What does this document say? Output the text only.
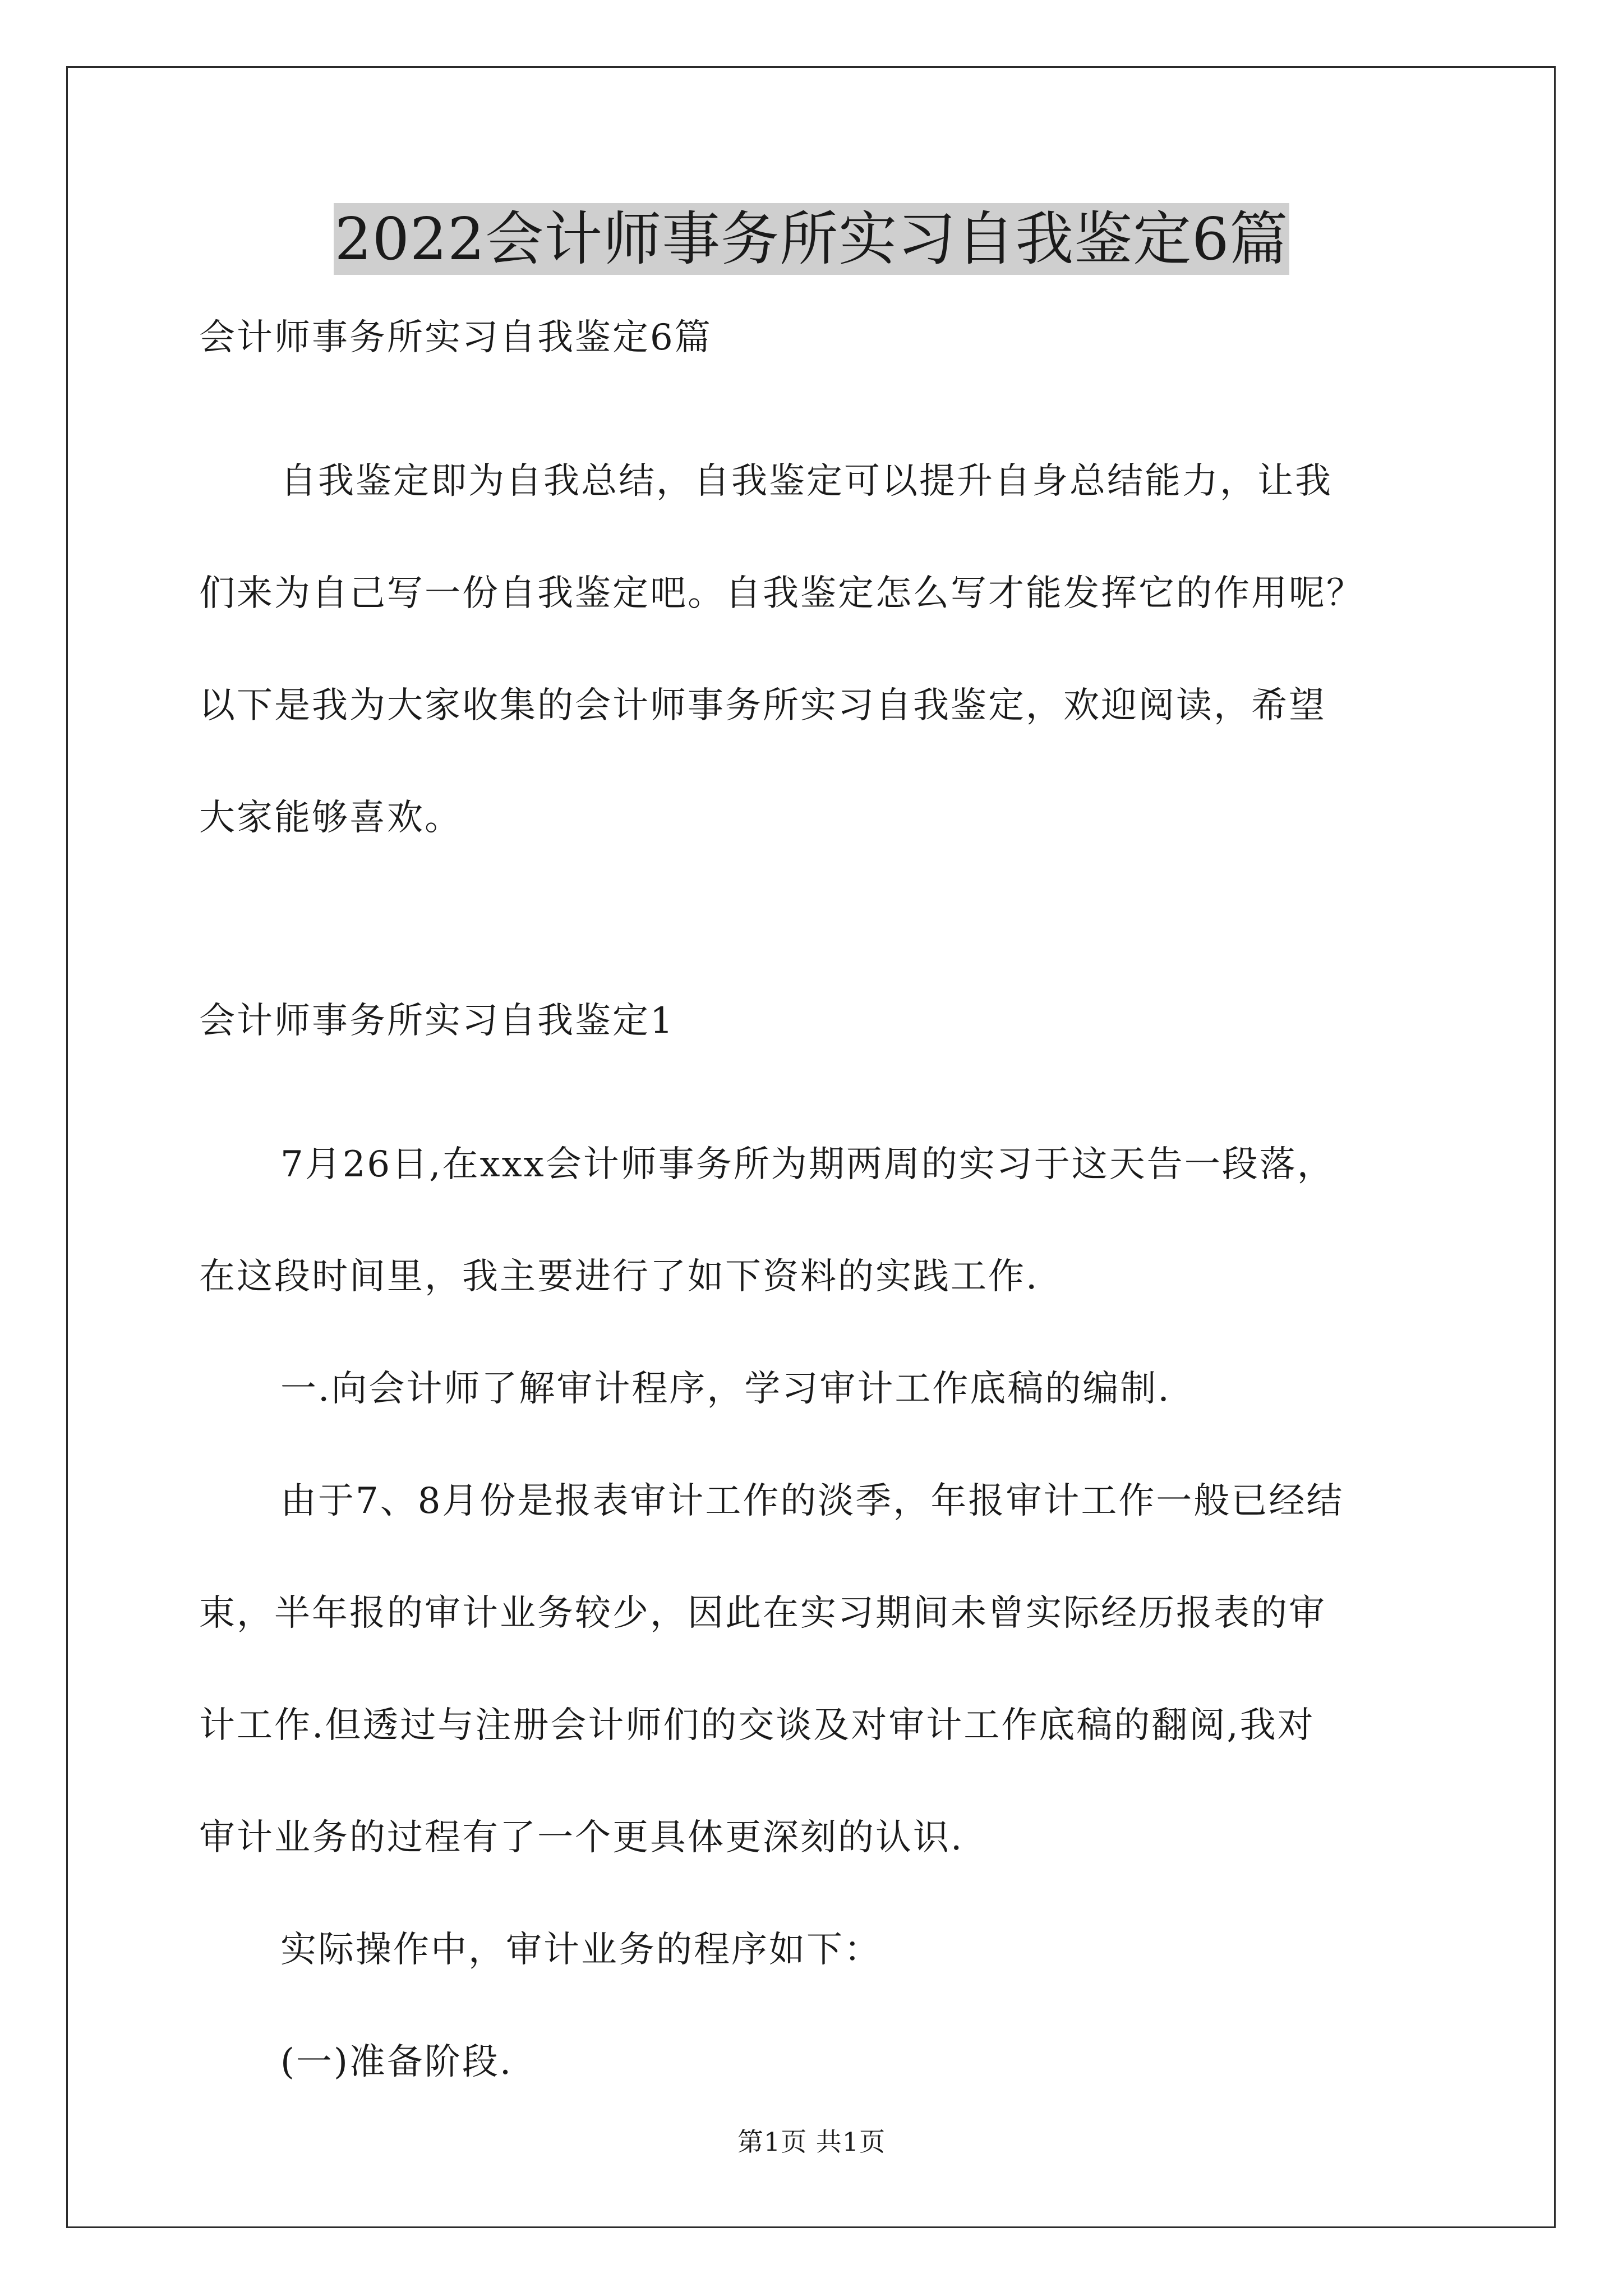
2022会计师事务所实习自我鉴定6篇

会计师事务所实习自我鉴定6篇

自我鉴定即为自我总结，自我鉴定可以提升自身总结能力，让我

们来为自己写一份自我鉴定吧。自我鉴定怎么写才能发挥它的作用呢？

以下是我为大家收集的会计师事务所实习自我鉴定，欢迎阅读，希望

大家能够喜欢。

会计师事务所实习自我鉴定1

7月26日,在xxx会计师事务所为期两周的实习于这天告一段落，

在这段时间里，我主要进行了如下资料的实践工作.

一.向会计师了解审计程序，学习审计工作底稿的编制.

由于7、8月份是报表审计工作的淡季，年报审计工作一般已经结

束，半年报的审计业务较少，因此在实习期间未曾实际经历报表的审

计工作.但透过与注册会计师们的交谈及对审计工作底稿的翻阅,我对

审计业务的过程有了一个更具体更深刻的认识.

实际操作中，审计业务的程序如下：

(一)准备阶段.

第1页 共1页
